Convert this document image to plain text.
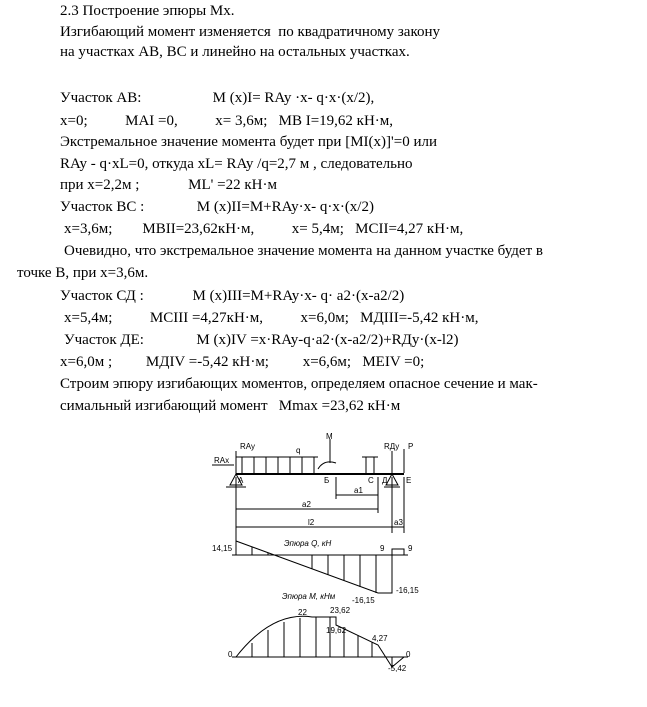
2.3 Построение эпюры Mx.
Изгибающий момент изменяется  по квадратичному закону
на участках АВ, ВС и линейно на остальных участках.
Участок АВ:                   M (x)I= RAy ·x- q·x·(x/2),
x=0;          MAI =0,          x= 3,6м;   MB I=19,62 кН·м,
Экстремальное значение момента будет при [MI(x)]'=0 или
RAy - q·xL=0, откуда xL= RAy /q=2,7 м , следовательно
при x=2,2м ;             ML' =22 кН·м
Участок ВС :              M (x)II=M+RAy·x- q·x·(x/2)
x=3,6м;        MBII=23,62кН·м,          x= 5,4м;   MCII=4,27 кН·м,
Очевидно, что экстремальное значение момента на данном участке будет в
точке В, при x=3,6м.
Участок СД :             M (x)III=M+RAy·x- q· a2·(x-a2/2)
x=5,4м;          MCIII =4,27кН·м,          x=6,0м;   MДIII=-5,42 кН·м,
Участок ДЕ:              M (x)IV =x·RAy-q·a2·(x-a2/2)+RДy·(x-l2)
x=6,0м ;         MДIV =-5,42 кН·м;         x=6,6м;   MEIV =0;
Строим эпюру изгибающих моментов, определяем опасное сечение и мак-
симальный изгибающий момент   Mmax =23,62 кН·м
RAx
RAy	q
M
RДy P
A	Б	C Д E
a1
a2
l2	a3
Эпюра Q, кН
14,15	9	9
-16,15
-16,15
Эпюра M, кНм
22	23,62
19,62
4,27
-5,42
0	0
